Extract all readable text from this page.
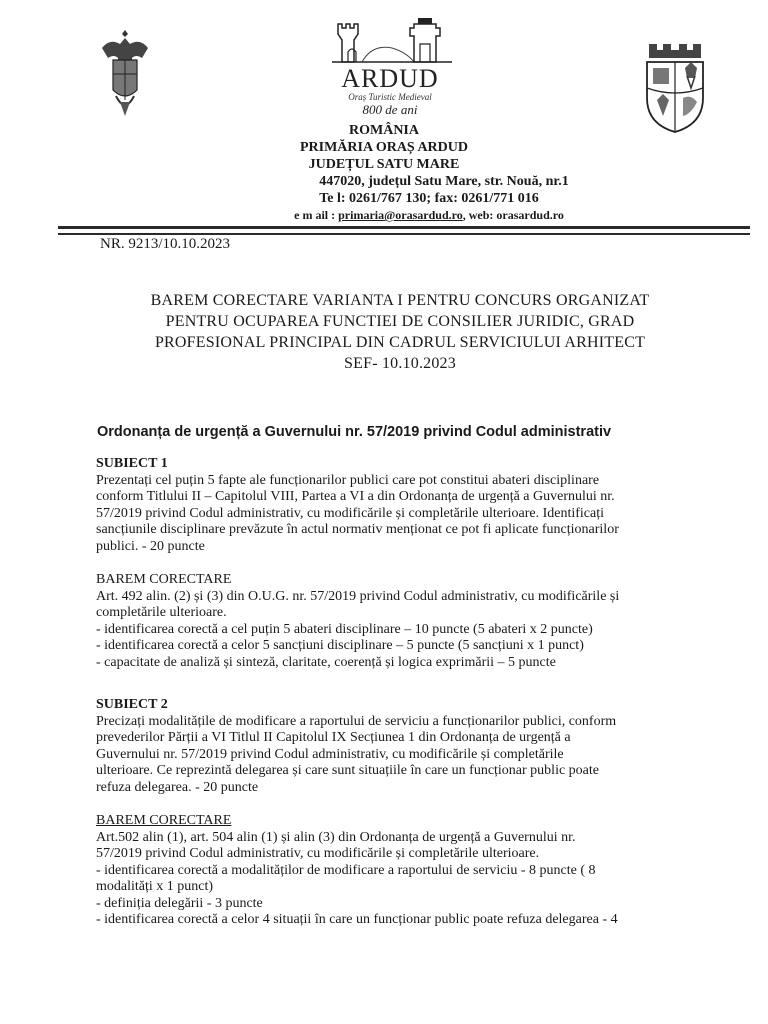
ARDUD
Oraș Turistic Medieval
800 de ani
ROMÂNIA
PRIMĂRIA ORAȘ ARDUD
JUDEȚUL SATU MARE
447020, județul Satu Mare, str. Nouă, nr.1
Te l: 0261/767 130; fax: 0261/771 016
e m ail : primaria@orasardud.ro, web: orasardud.ro
NR. 9213/10.10.2023
BAREM CORECTARE VARIANTA I PENTRU CONCURS ORGANIZAT
PENTRU OCUPAREA FUNCTIEI DE CONSILIER JURIDIC, GRAD
PROFESIONAL PRINCIPAL DIN CADRUL SERVICIULUI ARHITECT
SEF- 10.10.2023
Ordonanța de urgență a Guvernului nr. 57/2019 privind Codul administrativ
SUBIECT 1
Prezentați cel puțin 5 fapte ale funcționarilor publici care pot constitui abateri disciplinare
conform Titlului II – Capitolul VIII, Partea a VI a din Ordonanța de urgență a Guvernului nr.
57/2019 privind Codul administrativ, cu modificările și completările ulterioare. Identificați
sancțiunile disciplinare prevăzute în actul normativ menționat ce pot fi aplicate funcționarilor
publici. - 20 puncte
BAREM CORECTARE
Art. 492 alin. (2) și (3) din O.U.G. nr. 57/2019 privind Codul administrativ, cu modificările și
completările ulterioare.
- identificarea corectă a cel puțin 5 abateri disciplinare – 10 puncte (5 abateri x 2 puncte)
- identificarea corectă a celor 5 sancțiuni disciplinare – 5 puncte (5 sancțiuni x 1 punct)
- capacitate de analiză și sinteză, claritate, coerență și logica exprimării – 5 puncte
SUBIECT 2
Precizați modalitățile de modificare a raportului de serviciu a funcționarilor publici, conform
prevederilor Părții a VI Titlul II Capitolul IX Secțiunea 1 din Ordonanța de urgență a
Guvernului nr. 57/2019 privind Codul administrativ, cu modificările și completările
ulterioare. Ce reprezintă delegarea și care sunt situațiile în care un funcționar public poate
refuza delegarea. - 20 puncte
BAREM CORECTARE
Art.502 alin (1), art. 504 alin (1) și alin (3) din Ordonanța de urgență a Guvernului nr.
57/2019 privind Codul administrativ, cu modificările și completările ulterioare.
- identificarea corectă a modalităților de modificare a raportului de serviciu - 8 puncte ( 8
modalități x 1 punct)
- definiția delegării - 3 puncte
- identificarea corectă a celor 4 situații în care un funcționar public poate refuza delegarea - 4
